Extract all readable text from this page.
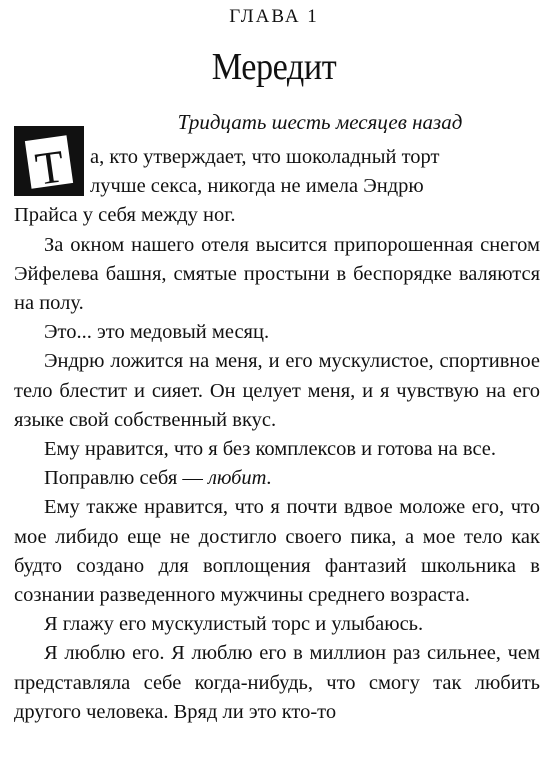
ГЛАВА 1
Мередит
Тридцать шесть месяцев назад
Т	а, кто утверждает, что шоколадный торт
лучше секса, никогда не имела Эндрю
Прайса у себя между ног.

За окном нашего отеля высится припорошенная снегом Эйфелева башня, смятые простыни в беспорядке валяются на полу.

Это... это медовый месяц.

Эндрю ложится на меня, и его мускулистое, спортивное тело блестит и сияет. Он целует меня, и я чувствую на его языке свой собственный вкус.

Ему нравится, что я без комплексов и готова на все.

Поправлю себя — любит.

Ему также нравится, что я почти вдвое моложе его, что мое либидо еще не достигло своего пика, а мое тело как будто создано для воплощения фантазий школьника в сознании разведенного мужчины среднего возраста.

Я глажу его мускулистый торс и улыбаюсь.

Я люблю его. Я люблю его в миллион раз сильнее, чем представляла себе когда-нибудь, что смогу так любить другого человека. Вряд ли это кто-то
